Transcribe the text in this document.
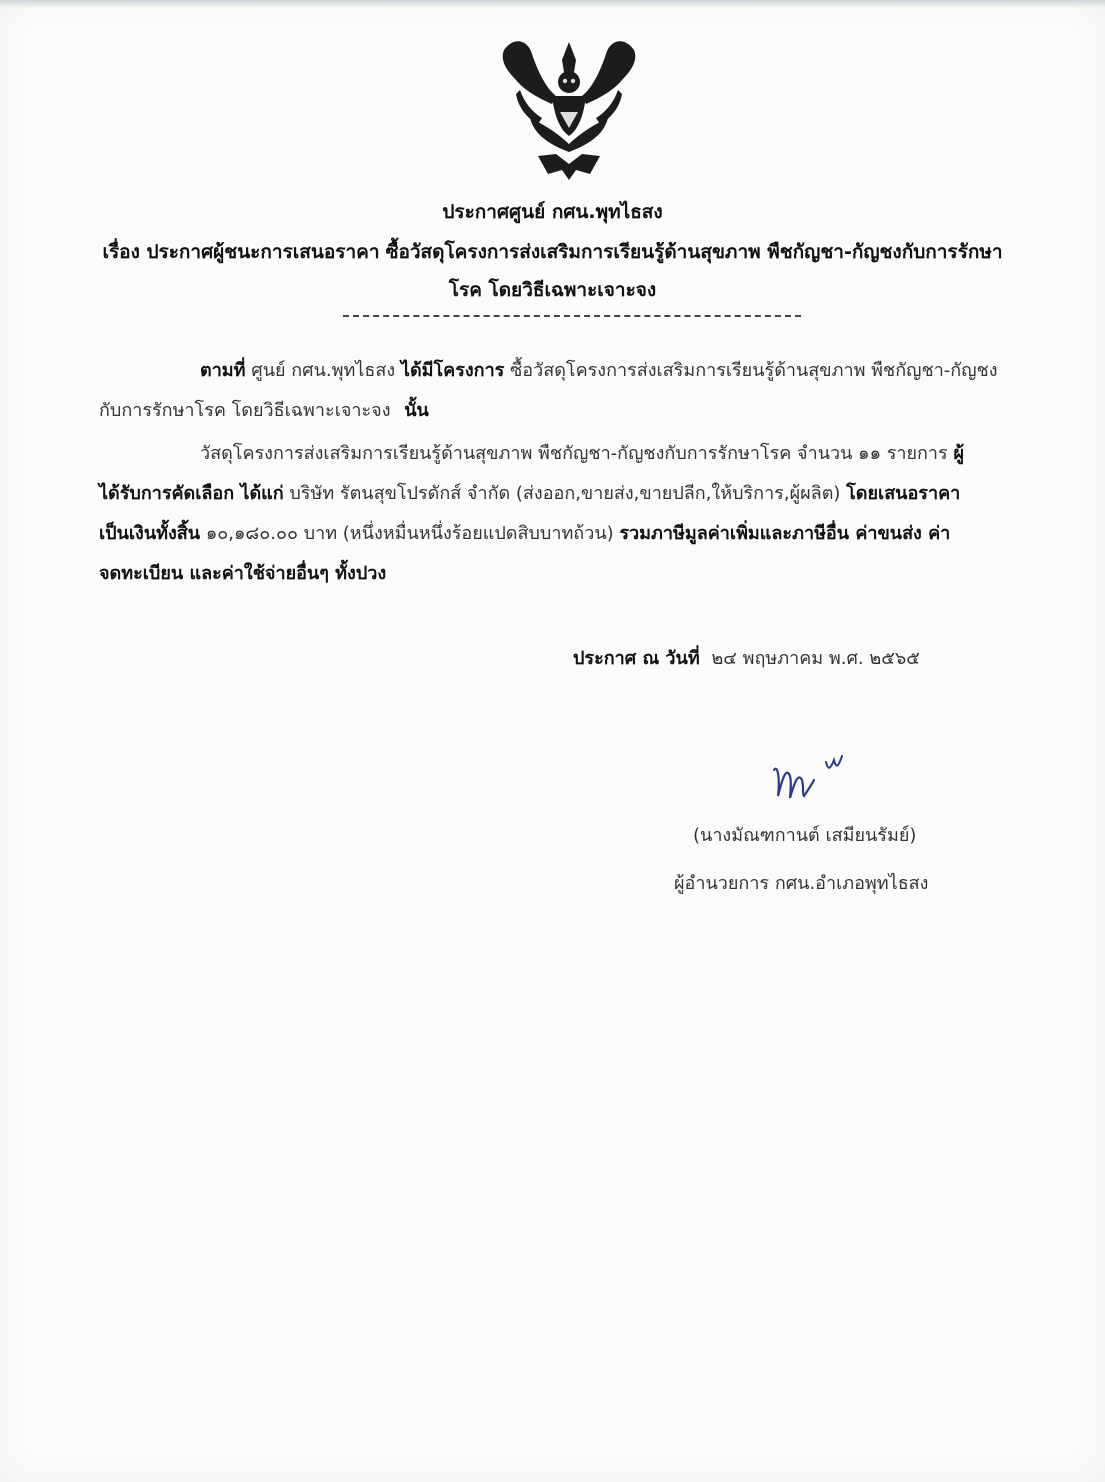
ประกาศศูนย์ กศน.พุทไธสง
เรื่อง ประกาศผู้ชนะการเสนอราคา ซื้อวัสดุโครงการส่งเสริมการเรียนรู้ด้านสุขภาพ พืชกัญชา-กัญชงกับการรักษา
โรค โดยวิธีเฉพาะเจาะจง
ตามที่ ศูนย์ กศน.พุทไธสง ได้มีโครงการ ซื้อวัสดุโครงการส่งเสริมการเรียนรู้ด้านสุขภาพ พืชกัญชา-กัญชง
กับการรักษาโรค โดยวิธีเฉพาะเจาะจง นั้น
วัสดุโครงการส่งเสริมการเรียนรู้ด้านสุขภาพ พืชกัญชา-กัญชงกับการรักษาโรค จำนวน ๑๑ รายการ ผู้
ได้รับการคัดเลือก ได้แก่ บริษัท รัตนสุขโปรดักส์ จำกัด (ส่งออก,ขายส่ง,ขายปลีก,ให้บริการ,ผู้ผลิต) โดยเสนอราคา
เป็นเงินทั้งสิ้น ๑๐,๑๘๐.๐๐ บาท (หนึ่งหมื่นหนึ่งร้อยแปดสิบบาทถ้วน) รวมภาษีมูลค่าเพิ่มและภาษีอื่น ค่าขนส่ง ค่า
จดทะเบียน และค่าใช้จ่ายอื่นๆ ทั้งปวง
ประกาศ ณ วันที่ ๒๔ พฤษภาคม พ.ศ. ๒๕๖๕
(นางมัณฑกานต์ เสมียนรัมย์)
ผู้อำนวยการ กศน.อำเภอพุทไธสง
